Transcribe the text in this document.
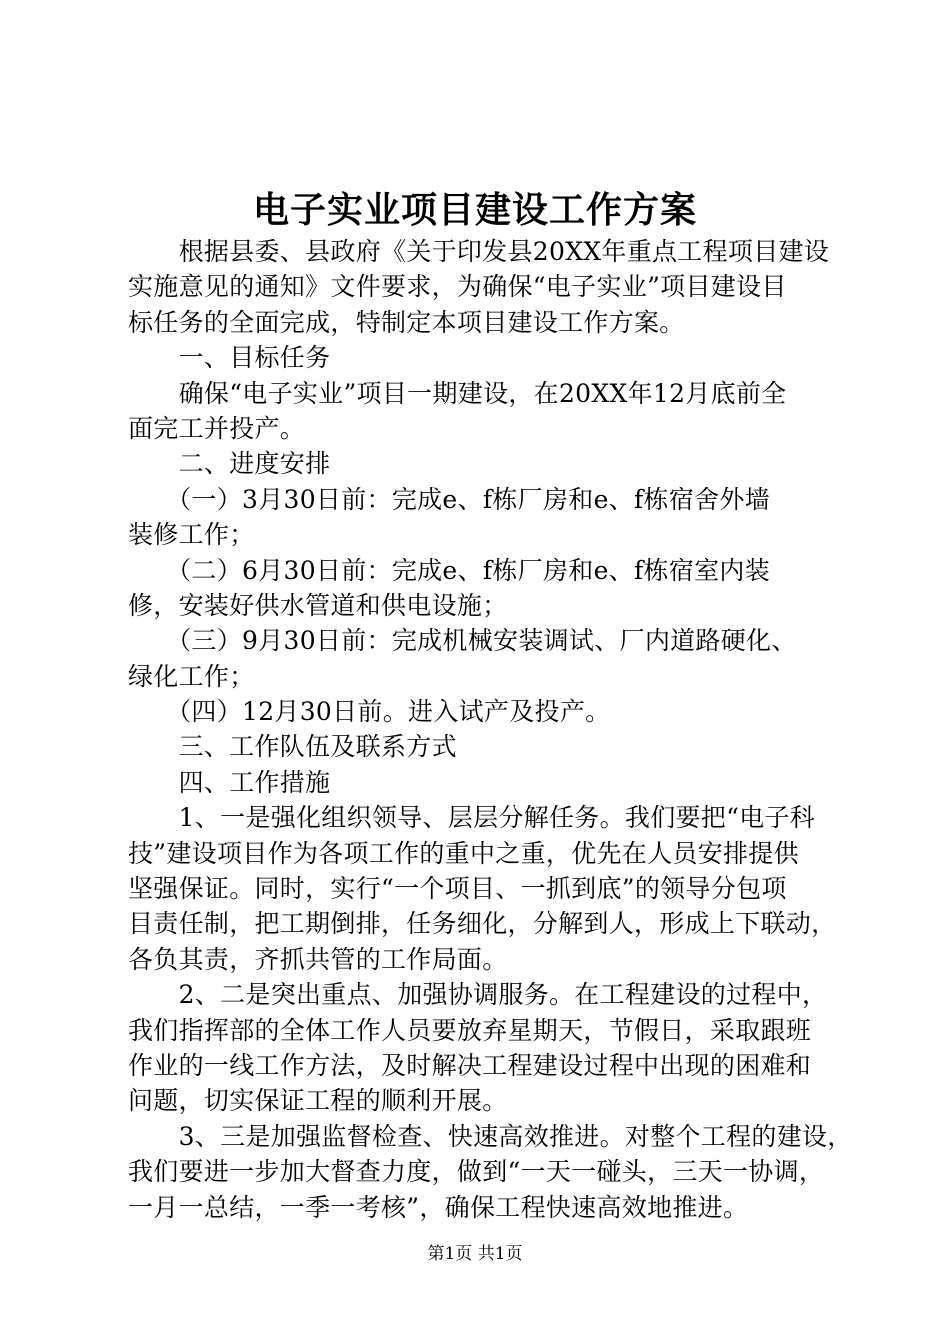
电子实业项目建设工作方案
　　根据县委、县政府《关于印发县20XX年重点工程项目建设
实施意见的通知》文件要求，为确保“电子实业”项目建设目
标任务的全面完成，特制定本项目建设工作方案。
　　一、目标任务
　　确保“电子实业”项目一期建设，在20XX年12月底前全
面完工并投产。
　　二、进度安排
　　（一）3月30日前：完成e、f栋厂房和e、f栋宿舍外墙
装修工作；
　　（二）6月30日前：完成e、f栋厂房和e、f栋宿室内装
修，安装好供水管道和供电设施；
　　（三）9月30日前：完成机械安装调试、厂内道路硬化、
绿化工作；
　　（四）12月30日前。进入试产及投产。
　　三、工作队伍及联系方式
　　四、工作措施
　　1、一是强化组织领导、层层分解任务。我们要把“电子科
技”建设项目作为各项工作的重中之重，优先在人员安排提供
坚强保证。同时，实行“一个项目、一抓到底”的领导分包项
目责任制，把工期倒排，任务细化，分解到人，形成上下联动，
各负其责，齐抓共管的工作局面。
　　2、二是突出重点、加强协调服务。在工程建设的过程中，
我们指挥部的全体工作人员要放弃星期天，节假日，采取跟班
作业的一线工作方法，及时解决工程建设过程中出现的困难和
问题，切实保证工程的顺利开展。
　　3、三是加强监督检查、快速高效推进。对整个工程的建设，
我们要进一步加大督查力度，做到“一天一碰头，三天一协调，
一月一总结，一季一考核”，确保工程快速高效地推进。
第1页 共1页
